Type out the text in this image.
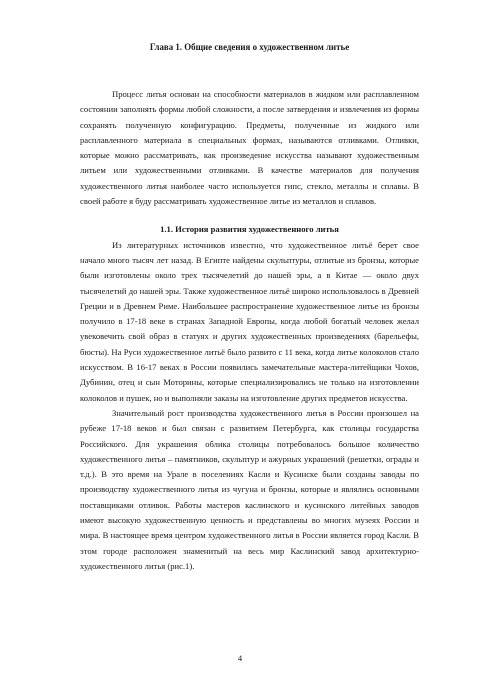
Глава 1. Общие сведения о художественном литье

Процесс литья основан на способности материалов в жидком или расплавленном состоянии заполнять формы любой сложности, а после затвердения и извлечения из формы сохранять полученную конфигурацию. Предметы, полученные из жидкого или расплавленного материала в специальных формах, называются отливками. Отливки, которые можно рассматривать, как произведение искусства называют художественным литьем или художественными отливками. В качестве материалов для получения художественного литья наиболее часто используется гипс, стекло, металлы и сплавы. В своей работе я буду рассматривать художественное литье из металлов и сплавов.

1.1. История развития художественного литья

Из литературных источников известно, что художественное литьё берет свое начало много тысяч лет назад. В Египте найдены скульптуры, отлитые из бронзы, которые были изготовлены около трех тысячелетий до нашей эры, а в Китае — около двух тысячелетий до нашей эры. Также художественное литьё широко использовалось в Древней Греции и в Древнем Риме. Наибольшее распространение художественное литье из бронзы получило в 17-18 веке в странах Западной Европы, когда любой богатый человек желал увековечить свой образ в статуях и других художественных произведениях (барельефы, бюсты). На Руси художественное литьё было развито с 11 века, когда литье колоколов стало искусством. В 16-17 веках в России появились замечательные мастера-литейщики Чохов, Дубинин, отец и сын Моторины, которые специализировались не только на изготовлении колоколов и пушек, но и выполняли заказы на изготовление других предметов искусства.

Значительный рост производства художественного литья в России произошел на рубеже 17-18 веков и был связан с развитием Петербурга, как столицы государства Российского. Для украшения облика столицы потребовалось большое количество художественного литья – памятников, скульптур и ажурных украшений (решетки, ограды и т.д.). В это время на Урале в поселениях Касли и Кусинске были созданы заводы по производству художественного литья из чугуна и бронзы, которые и являлись основными поставщиками отливок. Работы мастеров каслинского и кусинского литейных заводов имеют высокую художественную ценность и представлены во многих музеях России и мира. В настоящее время центром художественного литья в России является город Касли. В этом городе расположен знаменитый на весь мир Каслинский завод архитектурно-художественного литья (рис.1).

4
